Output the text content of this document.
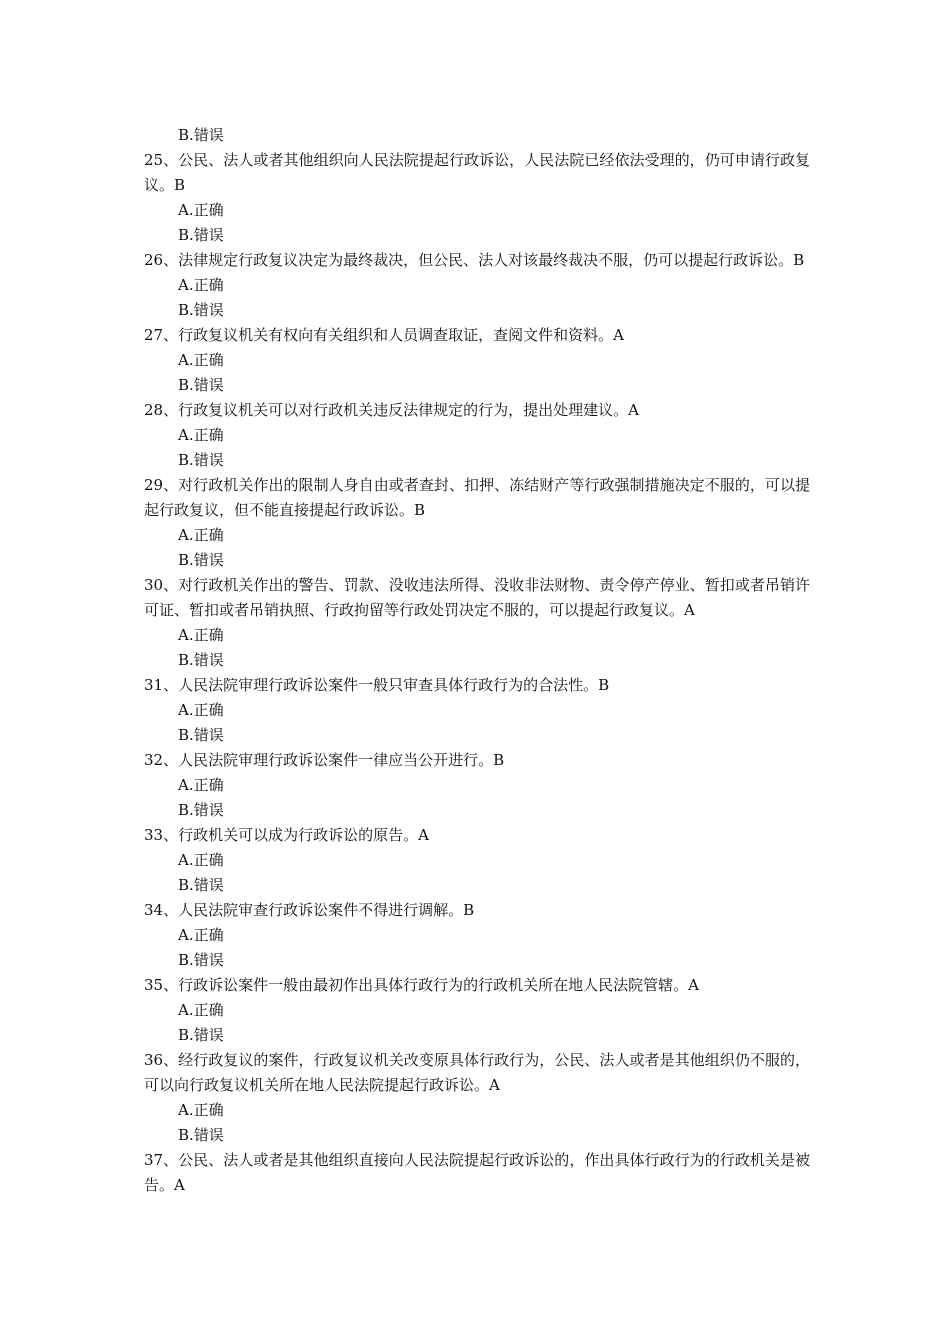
B.错误

25、公民、法人或者其他组织向人民法院提起行政诉讼，人民法院已经依法受理的，仍可申请行政复议。B

A.正确

B.错误

26、法律规定行政复议决定为最终裁决，但公民、法人对该最终裁决不服，仍可以提起行政诉讼。B

A.正确

B.错误

27、行政复议机关有权向有关组织和人员调查取证，查阅文件和资料。A

A.正确

B.错误

28、行政复议机关可以对行政机关违反法律规定的行为，提出处理建议。A

A.正确

B.错误

29、对行政机关作出的限制人身自由或者查封、扣押、冻结财产等行政强制措施决定不服的，可以提起行政复议，但不能直接提起行政诉讼。B

A.正确

B.错误

30、对行政机关作出的警告、罚款、没收违法所得、没收非法财物、责令停产停业、暂扣或者吊销许可证、暂扣或者吊销执照、行政拘留等行政处罚决定不服的，可以提起行政复议。A

A.正确

B.错误

31、人民法院审理行政诉讼案件一般只审查具体行政行为的合法性。B

A.正确

B.错误

32、人民法院审理行政诉讼案件一律应当公开进行。B

A.正确

B.错误

33、行政机关可以成为行政诉讼的原告。A

A.正确

B.错误

34、人民法院审查行政诉讼案件不得进行调解。B

A.正确

B.错误

35、行政诉讼案件一般由最初作出具体行政行为的行政机关所在地人民法院管辖。A

A.正确

B.错误

36、经行政复议的案件，行政复议机关改变原具体行政行为，公民、法人或者是其他组织仍不服的，可以向行政复议机关所在地人民法院提起行政诉讼。A

A.正确

B.错误

37、公民、法人或者是其他组织直接向人民法院提起行政诉讼的，作出具体行政行为的行政机关是被告。A
